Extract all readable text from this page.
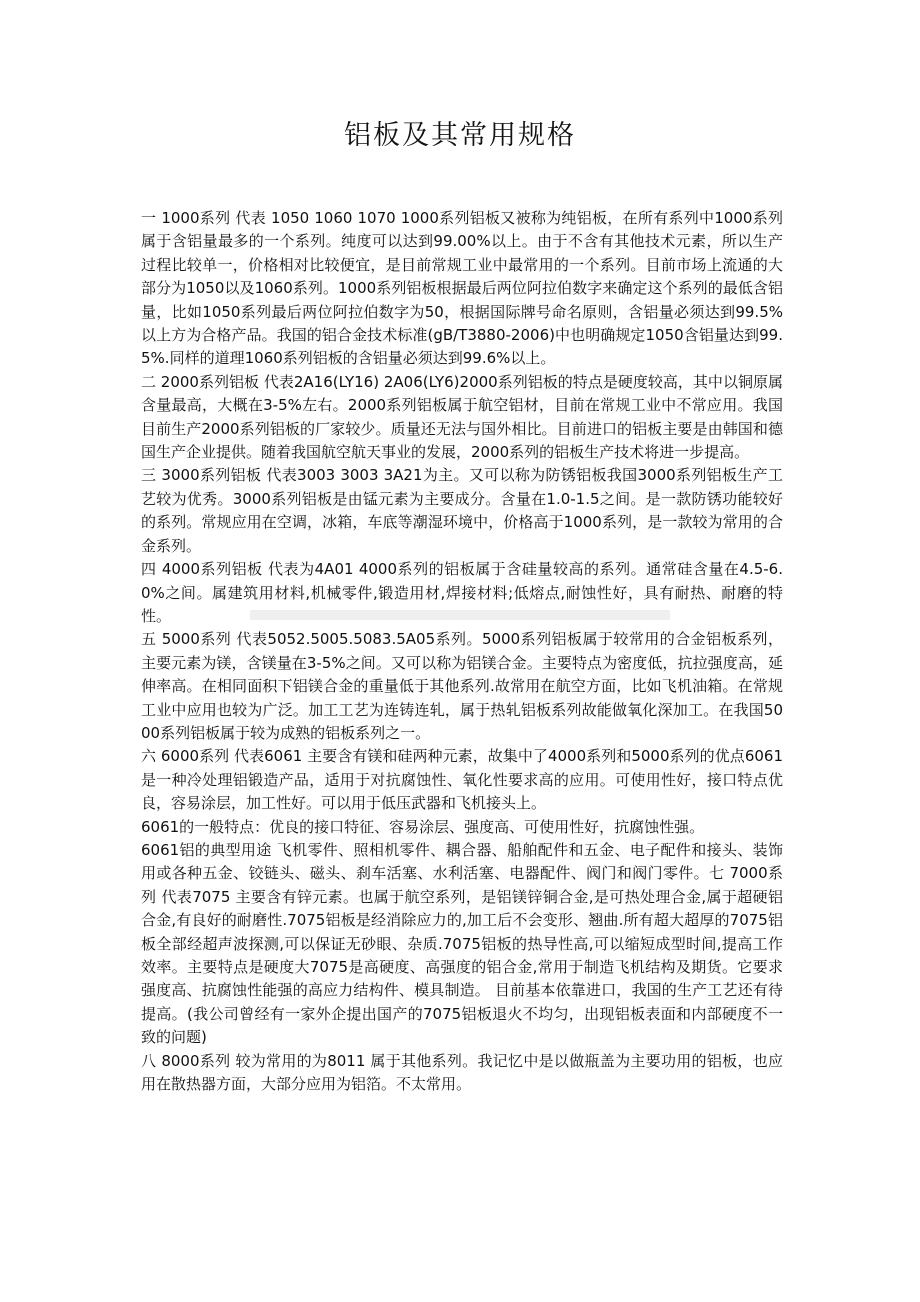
铝板及其常用规格

一 1000系列 代表 1050 1060 1070 1000系列铝板又被称为纯铝板，在所有系列中1000系列属于含铝量最多的一个系列。纯度可以达到99.00%以上。由于不含有其他技术元素，所以生产过程比较单一，价格相对比较便宜，是目前常规工业中最常用的一个系列。目前市场上流通的大部分为1050以及1060系列。1000系列铝板根据最后两位阿拉伯数字来确定这个系列的最低含铝量，比如1050系列最后两位阿拉伯数字为50，根据国际牌号命名原则，含铝量必须达到99.5%以上方为合格产品。我国的铝合金技术标准(gB/T3880-2006)中也明确规定1050含铝量达到99.5%.同样的道理1060系列铝板的含铝量必须达到99.6%以上。

二 2000系列铝板 代表2A16(LY16) 2A06(LY6)2000系列铝板的特点是硬度较高，其中以铜原属含量最高，大概在3-5%左右。2000系列铝板属于航空铝材，目前在常规工业中不常应用。我国目前生产2000系列铝板的厂家较少。质量还无法与国外相比。目前进口的铝板主要是由韩国和德国生产企业提供。随着我国航空航天事业的发展，2000系列的铝板生产技术将进一步提高。

三 3000系列铝板 代表3003 3003 3A21为主。又可以称为防锈铝板我国3000系列铝板生产工艺较为优秀。3000系列铝板是由锰元素为主要成分。含量在1.0-1.5之间。是一款防锈功能较好的系列。常规应用在空调，冰箱，车底等潮湿环境中，价格高于1000系列，是一款较为常用的合金系列。

四 4000系列铝板 代表为4A01 4000系列的铝板属于含硅量较高的系列。通常硅含量在4.5-6.0%之间。属建筑用材料,机械零件,锻造用材,焊接材料;低熔点,耐蚀性好，具有耐热、耐磨的特性。

五 5000系列 代表5052.5005.5083.5A05系列。5000系列铝板属于较常用的合金铝板系列，主要元素为镁，含镁量在3-5%之间。又可以称为铝镁合金。主要特点为密度低，抗拉强度高，延伸率高。在相同面积下铝镁合金的重量低于其他系列.故常用在航空方面，比如飞机油箱。在常规工业中应用也较为广泛。加工工艺为连铸连轧，属于热轧铝板系列故能做氧化深加工。在我国5000系列铝板属于较为成熟的铝板系列之一。

六 6000系列 代表6061 主要含有镁和硅两种元素，故集中了4000系列和5000系列的优点6061是一种冷处理铝锻造产品，适用于对抗腐蚀性、氧化性要求高的应用。可使用性好，接口特点优良，容易涂层，加工性好。可以用于低压武器和飞机接头上。

6061的一般特点：优良的接口特征、容易涂层、强度高、可使用性好，抗腐蚀性强。

6061铝的典型用途 飞机零件、照相机零件、耦合器、船舶配件和五金、电子配件和接头、装饰用或各种五金、铰链头、磁头、刹车活塞、水利活塞、电器配件、阀门和阀门零件。七 7000系列 代表7075 主要含有锌元素。也属于航空系列，是铝镁锌铜合金,是可热处理合金,属于超硬铝合金,有良好的耐磨性.7075铝板是经消除应力的,加工后不会变形、翘曲.所有超大超厚的7075铝板全部经超声波探测,可以保证无砂眼、杂质.7075铝板的热导性高,可以缩短成型时间,提高工作效率。主要特点是硬度大7075是高硬度、高强度的铝合金,常用于制造飞机结构及期货。它要求强度高、抗腐蚀性能强的高应力结构件、模具制造。 目前基本依靠进口，我国的生产工艺还有待提高。(我公司曾经有一家外企提出国产的7075铝板退火不均匀，出现铝板表面和内部硬度不一致的问题)

八 8000系列 较为常用的为8011 属于其他系列。我记忆中是以做瓶盖为主要功用的铝板，也应用在散热器方面，大部分应用为铝箔。不太常用。
